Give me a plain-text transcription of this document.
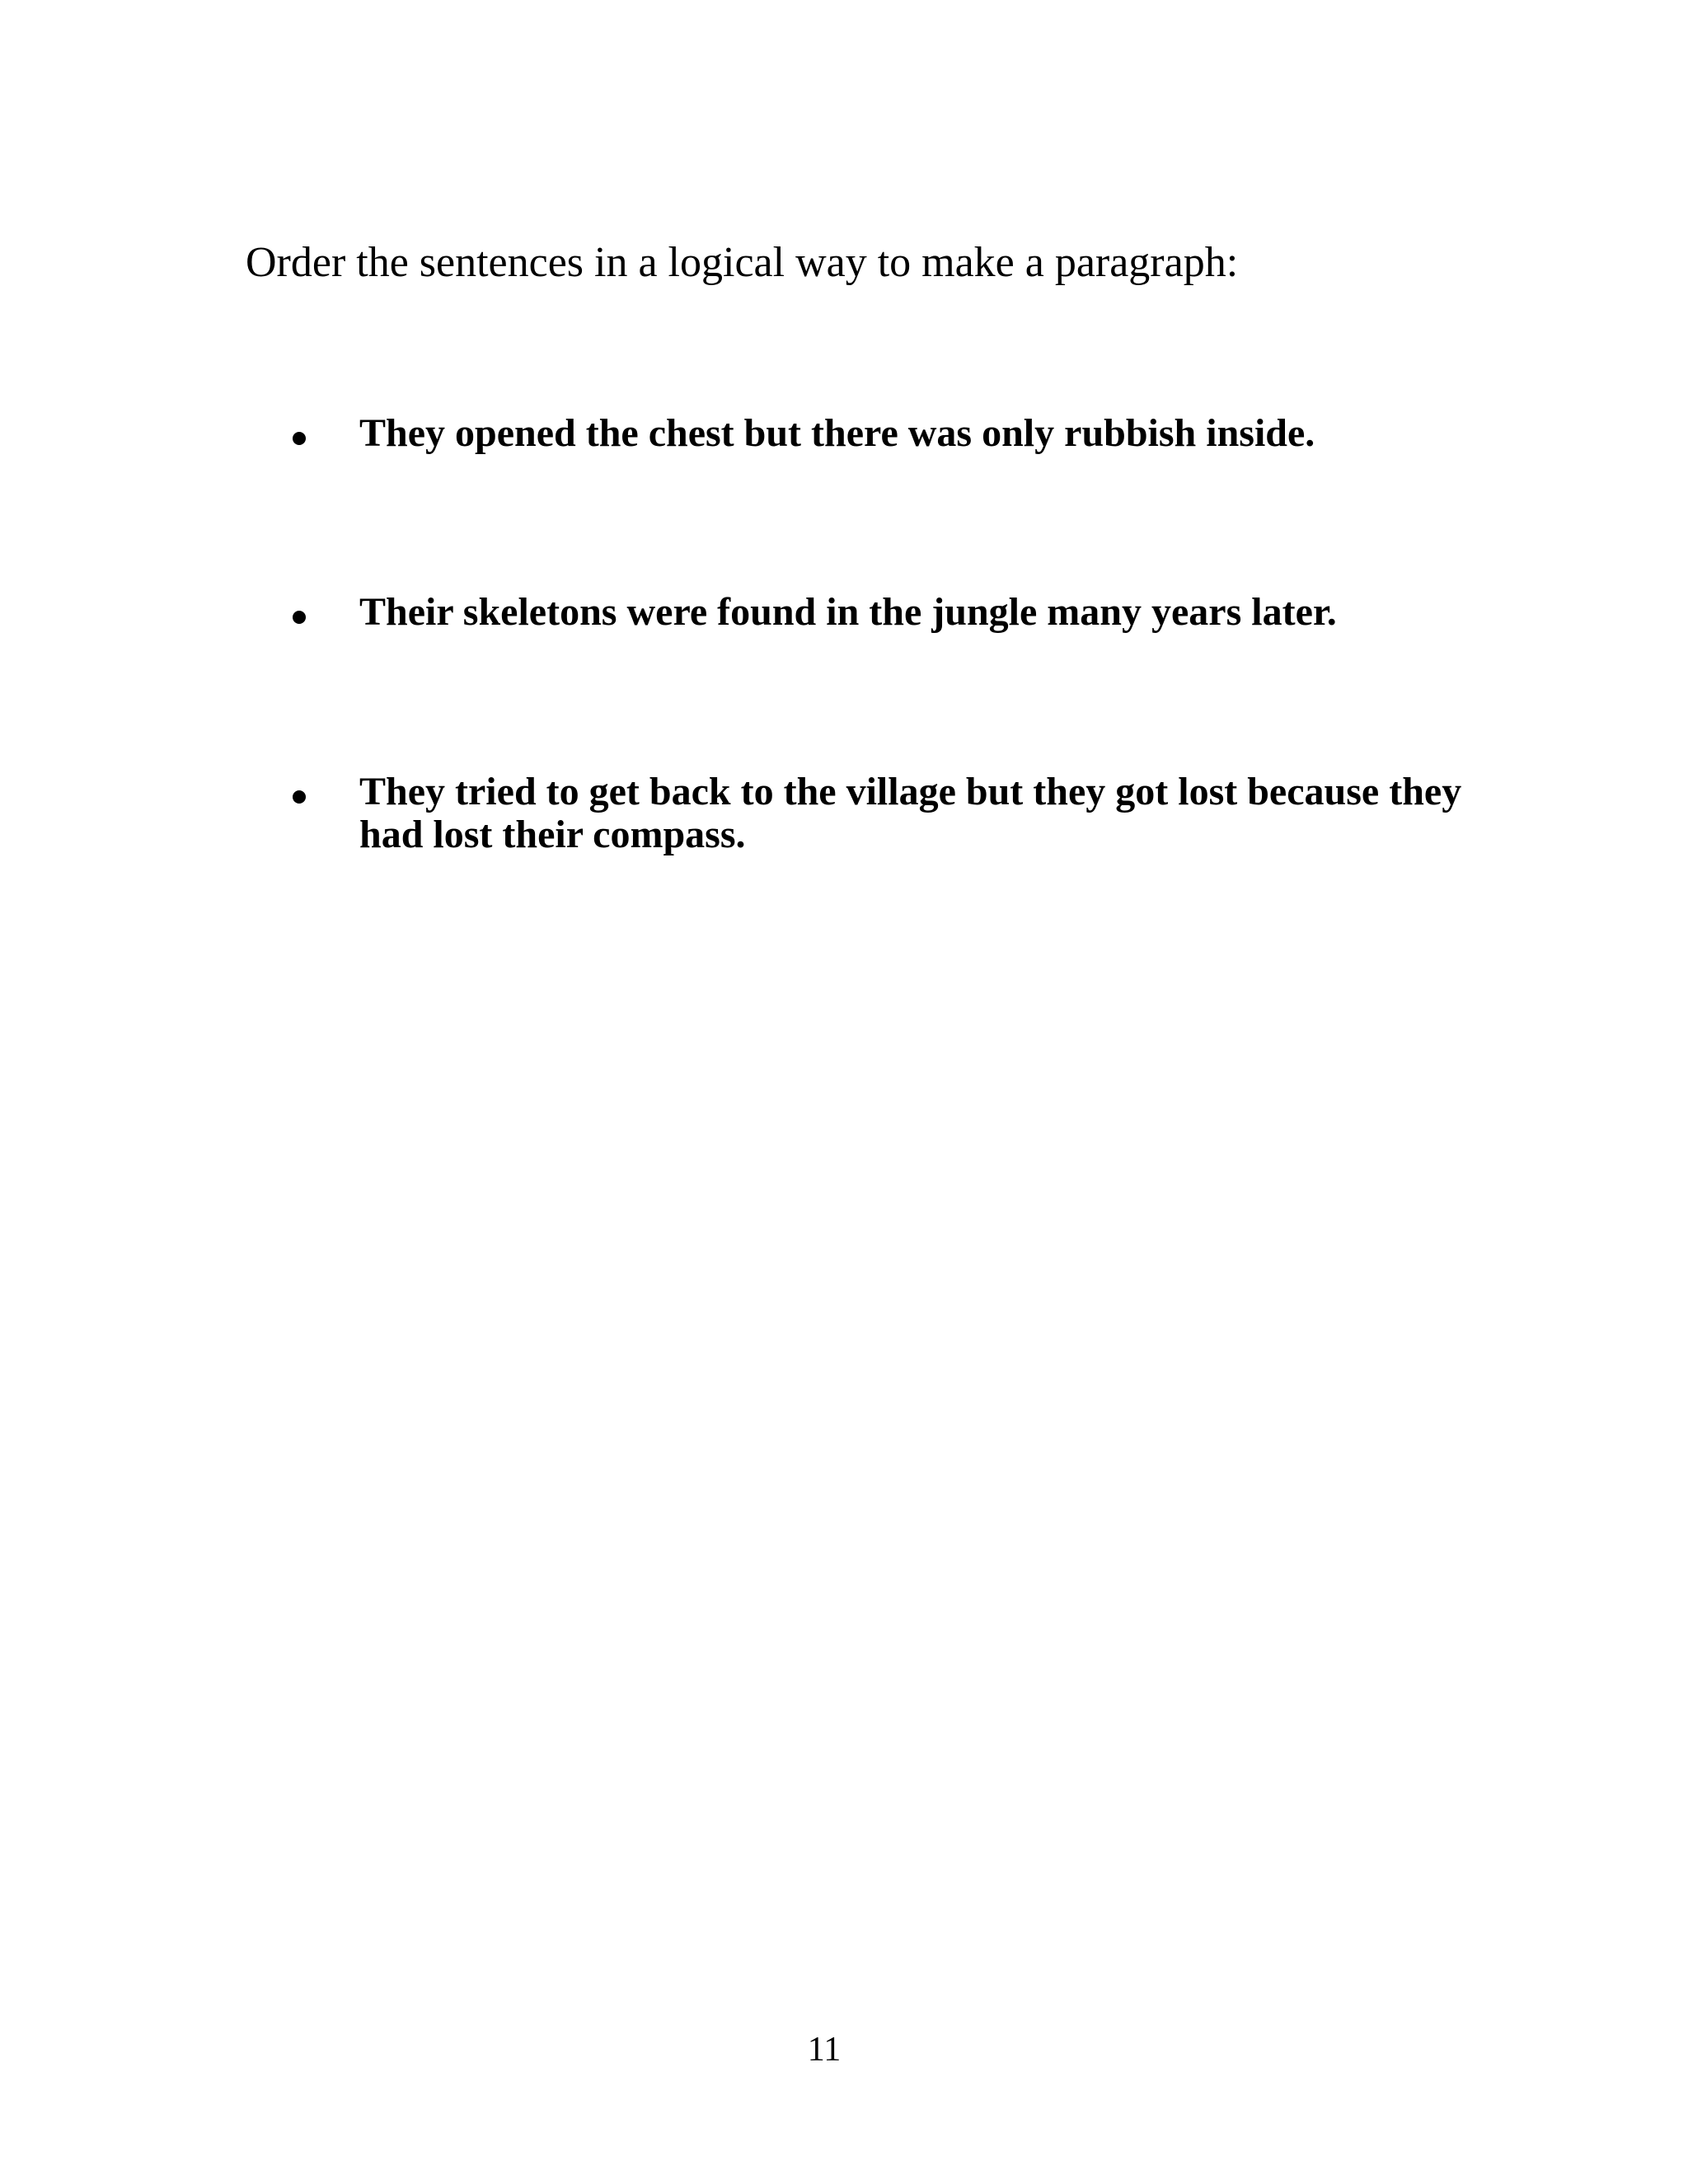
Order the sentences in a logical way to make a paragraph:
They opened the chest but there was only rubbish inside.
Their skeletons were found in the jungle many years later.
They tried to get back to the village but they got lost because they had lost their compass.
11
